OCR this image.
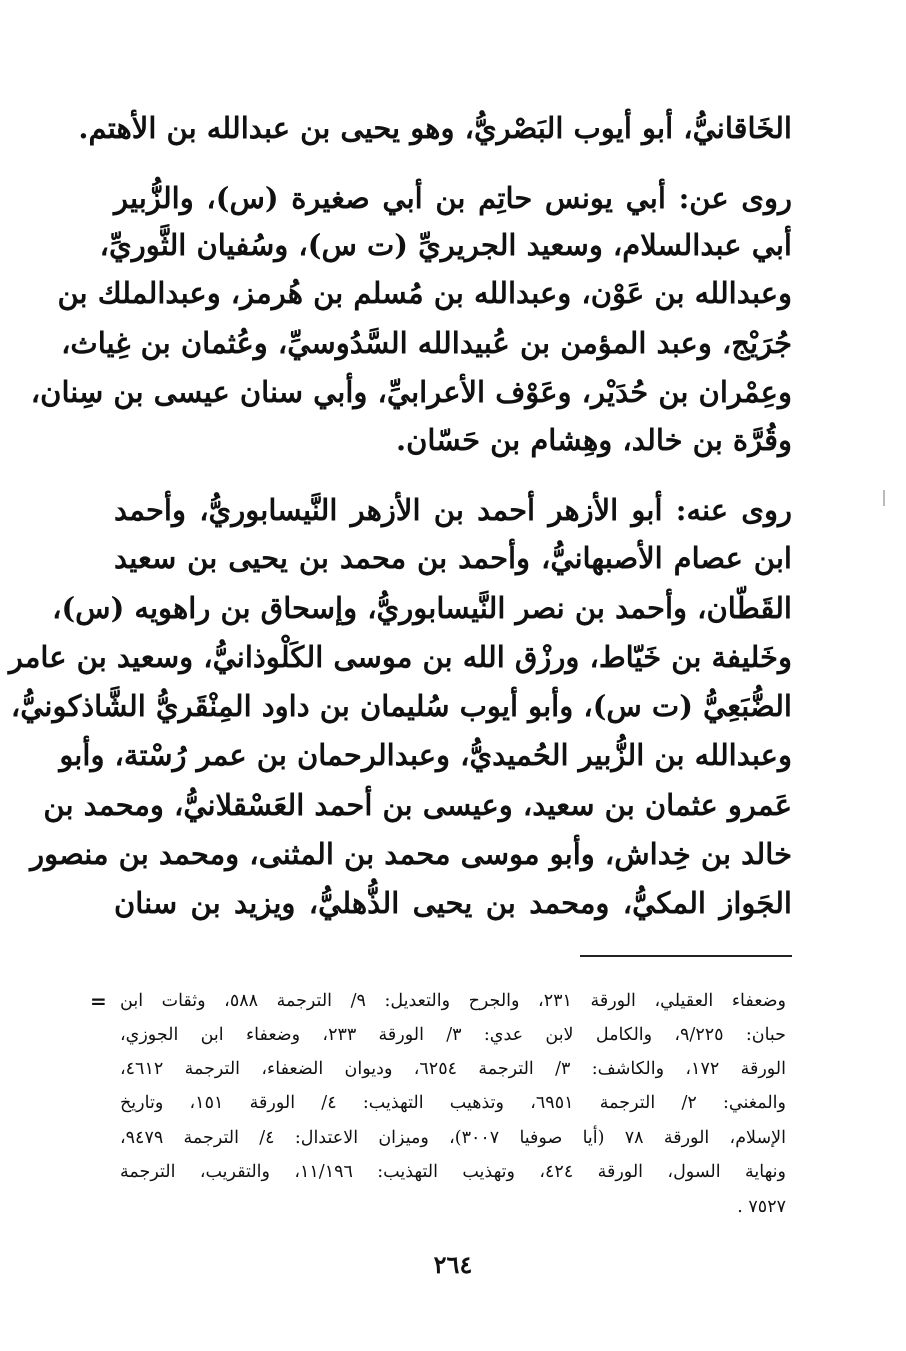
الخَاقانيُّ، أبو أيوب البَصْريُّ، وهو يحيى بن عبدالله بن الأهتم.
روى عن: أبي يونس حاتِم بن أبي صغيرة (س)، والزُّبير
أبي عبدالسلام، وسعيد الجريريِّ (ت س)، وسُفيان الثَّوريِّ،
وعبدالله بن عَوْن، وعبدالله بن مُسلم بن هُرمز، وعبدالملك بن
جُرَيْج، وعبد المؤمن بن عُبيدالله السَّدُوسيِّ، وعُثمان بن غِياث،
وعِمْران بن حُدَيْر، وعَوْف الأعرابيِّ، وأبي سنان عيسى بن سِنان،
وقُرَّة بن خالد، وهِشام بن حَسّان.
روى عنه: أبو الأزهر أحمد بن الأزهر النَّيسابوريُّ، وأحمد
ابن عصام الأصبهانيُّ، وأحمد بن محمد بن يحيى بن سعيد
القَطّان، وأحمد بن نصر النَّيسابوريُّ، وإسحاق بن راهويه (س)،
وخَليفة بن خَيّاط، ورزْق الله بن موسى الكَلْوذانيُّ، وسعيد بن عامر
الضُّبَعِيُّ (ت س)، وأبو أيوب سُليمان بن داود المِنْقَريُّ الشَّاذكونيُّ،
وعبدالله بن الزُّبير الحُميديُّ، وعبدالرحمان بن عمر رُسْتة، وأبو
عَمرو عثمان بن سعيد، وعيسى بن أحمد العَسْقلانيُّ، ومحمد بن
خالد بن خِداش، وأبو موسى محمد بن المثنى، ومحمد بن منصور
الجَواز المكيُّ، ومحمد بن يحيى الذُّهليُّ، ويزيد بن سنان
= وضعفاء العقيلي، الورقة ٢٣١، والجرح والتعديل: ٩/ الترجمة ٥٨٨، وثقات ابن
حبان: ٩/٢٢٥، والكامل لابن عدي: ٣/ الورقة ٢٣٣، وضعفاء ابن الجوزي،
الورقة ١٧٢، والكاشف: ٣/ الترجمة ٦٢٥٤، وديوان الضعفاء، الترجمة ٤٦١٢،
والمغني: ٢/ الترجمة ٦٩٥١، وتذهيب التهذيب: ٤/ الورقة ١٥١، وتاريخ
الإسلام، الورقة ٧٨ (أيا صوفيا ٣٠٠٧)، وميزان الاعتدال: ٤/ الترجمة ٩٤٧٩،
ونهاية السول، الورقة ٤٢٤، وتهذيب التهذيب: ١١/١٩٦، والتقريب، الترجمة
٧٥٢٧ .
٢٦٤
